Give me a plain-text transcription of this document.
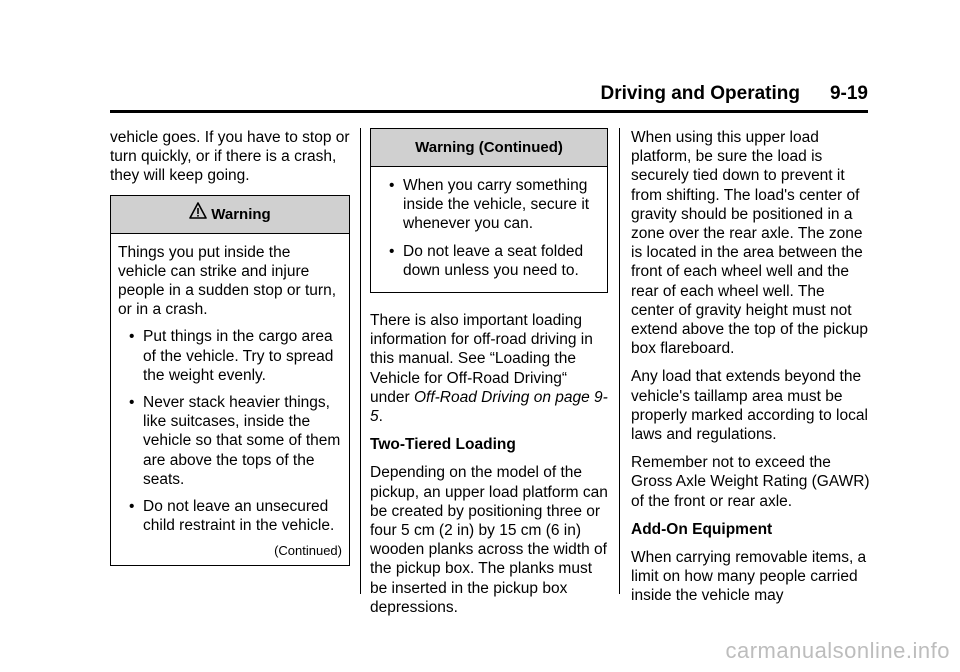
Driving and Operating 9-19

vehicle goes. If you have to stop or turn quickly, or if there is a crash, they will keep going.

Warning

Things you put inside the vehicle can strike and injure people in a sudden stop or turn, or in a crash.

• Put things in the cargo area of the vehicle. Try to spread the weight evenly.
• Never stack heavier things, like suitcases, inside the vehicle so that some of them are above the tops of the seats.
• Do not leave an unsecured child restraint in the vehicle.
(Continued)
Warning (Continued)
• When you carry something inside the vehicle, secure it whenever you can.
• Do not leave a seat folded down unless you need to.

There is also important loading information for off-road driving in this manual. See “Loading the Vehicle for Off-Road Driving“ under Off-Road Driving on page 9-5.

Two-Tiered Loading

Depending on the model of the pickup, an upper load platform can be created by positioning three or four 5 cm (2 in) by 15 cm (6 in) wooden planks across the width of the pickup box. The planks must be inserted in the pickup box depressions.

When using this upper load platform, be sure the load is securely tied down to prevent it from shifting. The load's center of gravity should be positioned in a zone over the rear axle. The zone is located in the area between the front of each wheel well and the rear of each wheel well. The center of gravity height must not extend above the top of the pickup box flareboard.

Any load that extends beyond the vehicle's taillamp area must be properly marked according to local laws and regulations.

Remember not to exceed the Gross Axle Weight Rating (GAWR) of the front or rear axle.

Add-On Equipment

When carrying removable items, a limit on how many people carried inside the vehicle may

carmanualsonline.info
